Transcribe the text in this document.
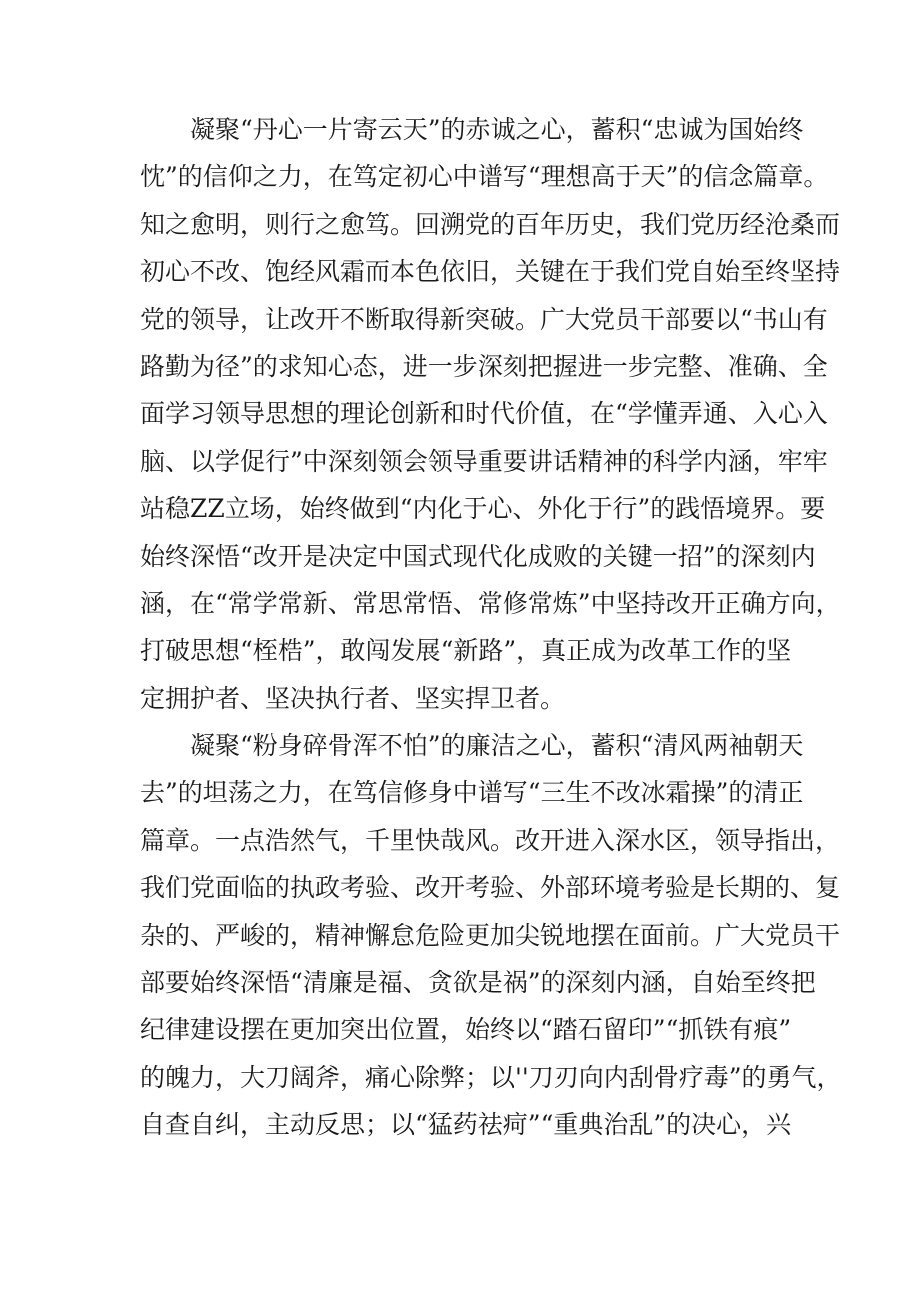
凝聚“丹心一片寄云天”的赤诚之心，蓄积“忠诚为国始终
忱”的信仰之力，在笃定初心中谱写“理想高于天”的信念篇章。
知之愈明，则行之愈笃。回溯党的百年历史，我们党历经沧桑而
初心不改、饱经风霜而本色依旧，关键在于我们党自始至终坚持
党的领导，让改开不断取得新突破。广大党员干部要以“书山有
路勤为径”的求知心态，进一步深刻把握进一步完整、准确、全
面学习领导思想的理论创新和时代价值，在“学懂弄通、入心入
脑、以学促行”中深刻领会领导重要讲话精神的科学内涵，牢牢
站稳ZZ立场，始终做到“内化于心、外化于行”的践悟境界。要
始终深悟“改开是决定中国式现代化成败的关键一招”的深刻内
涵，在“常学常新、常思常悟、常修常炼”中坚持改开正确方向，
打破思想“桎梏”，敢闯发展“新路”，真正成为改革工作的坚
定拥护者、坚决执行者、坚实捍卫者。
凝聚“粉身碎骨浑不怕”的廉洁之心，蓄积“清风两袖朝天
去”的坦荡之力，在笃信修身中谱写“三生不改冰霜操”的清正
篇章。一点浩然气，千里快哉风。改开进入深水区，领导指出，
我们党面临的执政考验、改开考验、外部环境考验是长期的、复
杂的、严峻的，精神懈怠危险更加尖锐地摆在面前。广大党员干
部要始终深悟“清廉是福、贪欲是祸”的深刻内涵，自始至终把
纪律建设摆在更加突出位置，始终以“踏石留印”“抓铁有痕”
的魄力，大刀阔斧，痛心除弊；以''刀刃向内刮骨疗毒”的勇气，
自查自纠，主动反思；以“猛药祛疴”“重典治乱”的决心，兴
